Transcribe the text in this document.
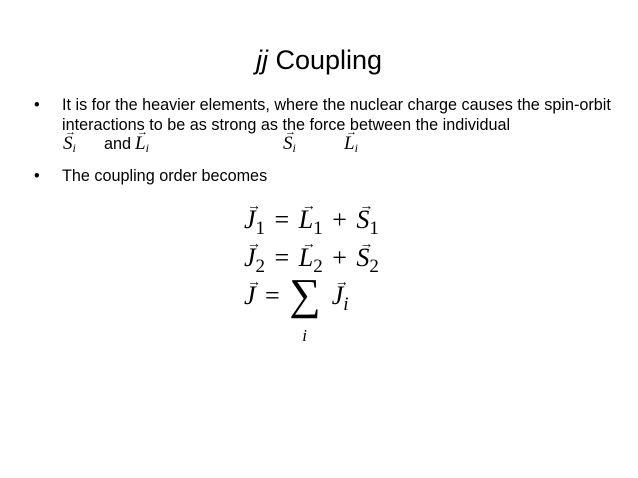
jj Coupling
• It is for the heavier elements, where the nuclear charge causes the spin-orbit interactions to be as strong as the force between the individual
→ $S_i$ and → $L_i$	→ $S_i$	→ $L_i$
• The coupling order becomes
→ $J_1$ = → $L_1$ + → $S_1$
→ $J_2$ = → $L_2$ + → $S_2$
→ J = ∑
i
→ $J_i$
